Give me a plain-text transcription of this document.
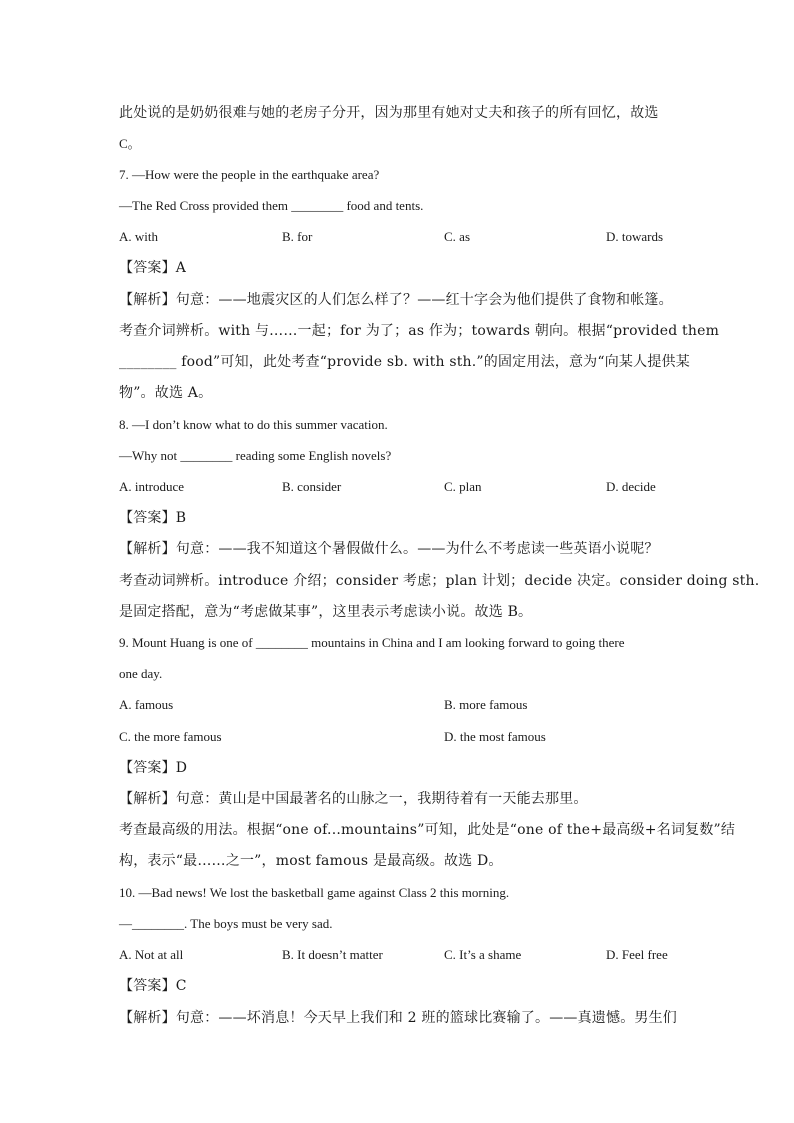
此处说的是奶奶很难与她的老房子分开，因为那里有她对丈夫和孩子的所有回忆，故选
C。
7. —How were the people in the earthquake area?
—The Red Cross provided them ________ food and tents.
A. with	B. for	C. as	D. towards
【答案】A
【解析】句意：——地震灾区的人们怎么样了？——红十字会为他们提供了食物和帐篷。
考查介词辨析。with 与……一起；for 为了；as 作为；towards 朝向。根据“provided them
________ food”可知，此处考查“provide sb. with sth.”的固定用法，意为“向某人提供某
物”。故选 A。
8. —I don’t know what to do this summer vacation.
—Why not ________ reading some English novels?
A. introduce	B. consider	C. plan	D. decide
【答案】B
【解析】句意：——我不知道这个暑假做什么。——为什么不考虑读一些英语小说呢？
考查动词辨析。introduce 介绍；consider 考虑；plan 计划；decide 决定。consider doing sth.
是固定搭配，意为“考虑做某事”，这里表示考虑读小说。故选 B。
9. Mount Huang is one of ________ mountains in China and I am looking forward to going there
one day.
A. famous	B. more famous
C. the more famous	D. the most famous
【答案】D
【解析】句意：黄山是中国最著名的山脉之一，我期待着有一天能去那里。
考查最高级的用法。根据“one of...mountains”可知，此处是“one of the+最高级+名词复数”结
构，表示“最……之一”，most famous 是最高级。故选 D。
10. —Bad news! We lost the basketball game against Class 2 this morning.
—________. The boys must be very sad.
A. Not at all	B. It doesn’t matter	C. It’s a shame	D. Feel free
【答案】C
【解析】句意：——坏消息！今天早上我们和 2 班的篮球比赛输了。——真遗憾。男生们
